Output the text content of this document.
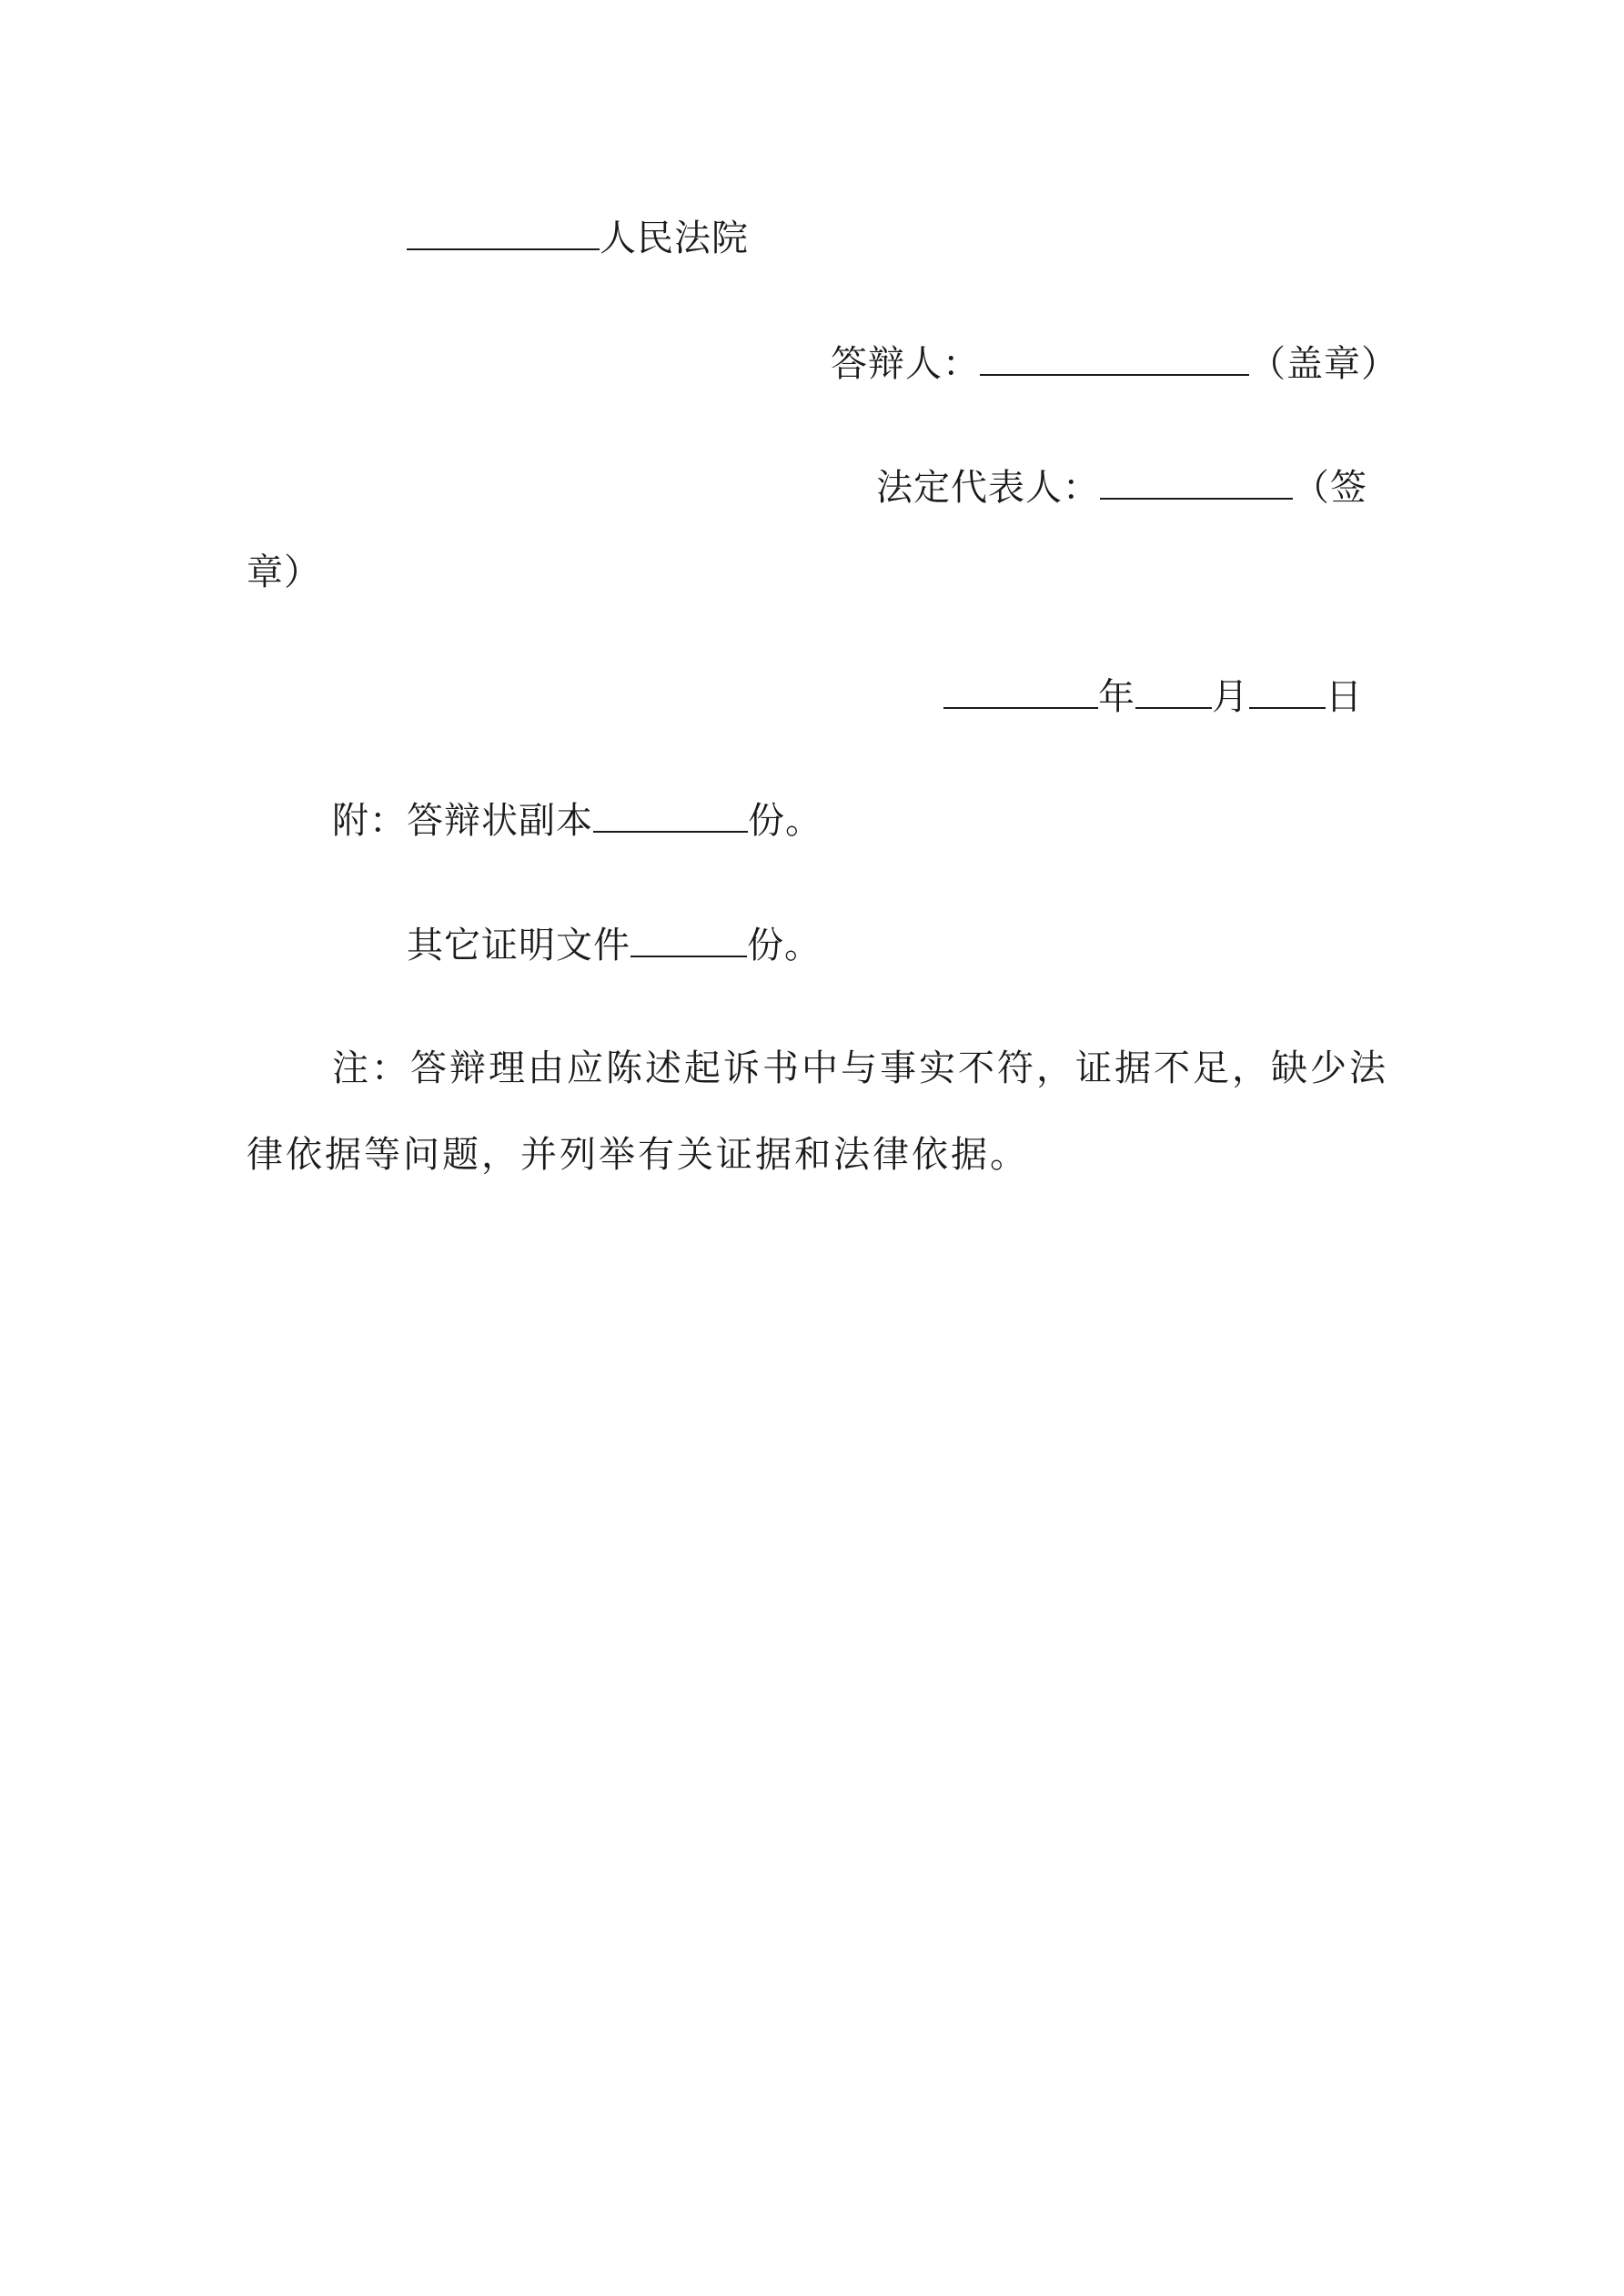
人民法院
答辩人：	（盖章）
法定代表人：	（签
章）
年 月 日
附：答辩状副本	份。
其它证明文件	份。
注：答辩理由应陈述起诉书中与事实不符，证据不足，缺少法
律依据等问题，并列举有关证据和法律依据。
